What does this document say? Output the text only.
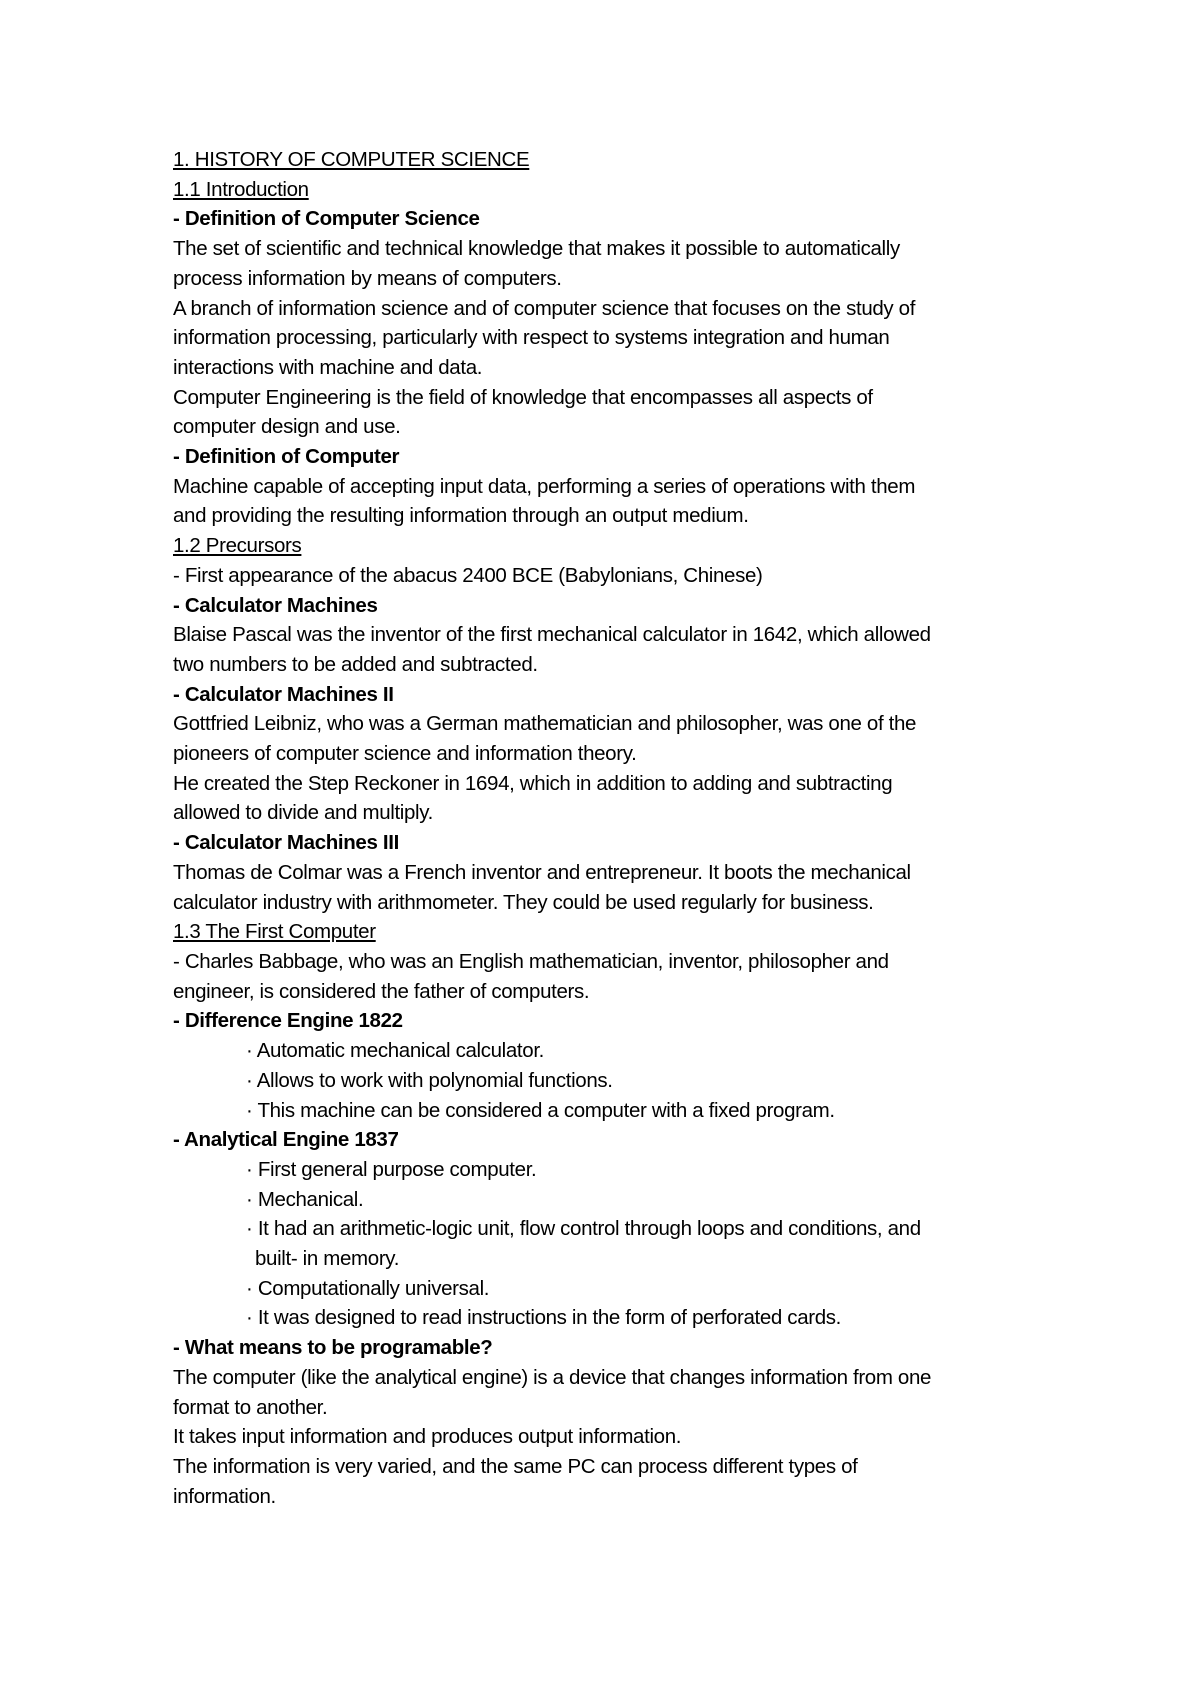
1. HISTORY OF COMPUTER SCIENCE
1.1 Introduction
- Definition of Computer Science
The set of scientific and technical knowledge that makes it possible to automatically
process information by means of computers.
A branch of information science and of computer science that focuses on the study of
information processing, particularly with respect to systems integration and human
interactions with machine and data.
Computer Engineering is the field of knowledge that encompasses all aspects of
computer design and use.
- Definition of Computer
Machine capable of accepting input data, performing a series of operations with them
and providing the resulting information through an output medium.
1.2 Precursors
- First appearance of the abacus 2400 BCE (Babylonians, Chinese)
- Calculator Machines
Blaise Pascal was the inventor of the first mechanical calculator in 1642, which allowed
two numbers to be added and subtracted.
- Calculator Machines II
Gottfried Leibniz, who was a German mathematician and philosopher, was one of the
pioneers of computer science and information theory.
He created the Step Reckoner in 1694, which in addition to adding and subtracting
allowed to divide and multiply.
- Calculator Machines III
Thomas de Colmar was a French inventor and entrepreneur. It boots the mechanical
calculator industry with arithmometer. They could be used regularly for business.
1.3 The First Computer
- Charles Babbage, who was an English mathematician, inventor, philosopher and
engineer, is considered the father of computers.
- Difference Engine 1822
· Automatic mechanical calculator.
· Allows to work with polynomial functions.
· This machine can be considered a computer with a fixed program.
- Analytical Engine 1837
· First general purpose computer.
· Mechanical.
· It had an arithmetic-logic unit, flow control through loops and conditions, and
built- in memory.
· Computationally universal.
· It was designed to read instructions in the form of perforated cards.
- What means to be programable?
The computer (like the analytical engine) is a device that changes information from one
format to another.
It takes input information and produces output information.
The information is very varied, and the same PC can process different types of
information.
